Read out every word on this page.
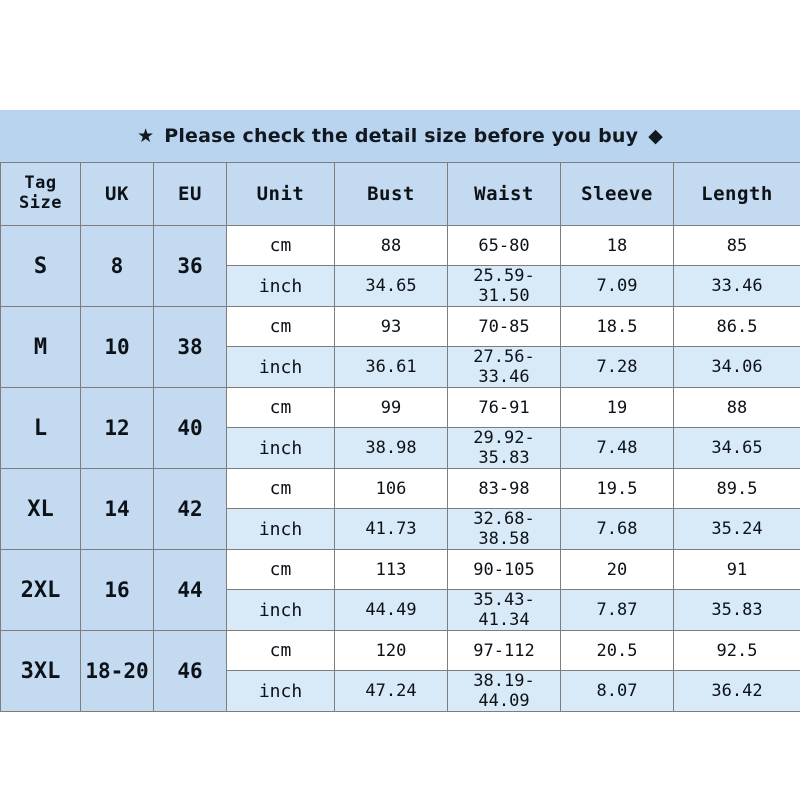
★ Please check the detail size before you buy ◆
Tag
Size	UK	EU	Unit	Bust	Waist	Sleeve	Length
S	8	36	cm	88	65-80	18	85
			inch	34.65	25.59-31.50	7.09	33.46
M	10	38	cm	93	70-85	18.5	86.5
			inch	36.61	27.56-33.46	7.28	34.06
L	12	40	cm	99	76-91	19	88
			inch	38.98	29.92-35.83	7.48	34.65
XL	14	42	cm	106	83-98	19.5	89.5
			inch	41.73	32.68-38.58	7.68	35.24
2XL	16	44	cm	113	90-105	20	91
			inch	44.49	35.43-41.34	7.87	35.83
3XL	18-20	46	cm	120	97-112	20.5	92.5
			inch	47.24	38.19-44.09	8.07	36.42
